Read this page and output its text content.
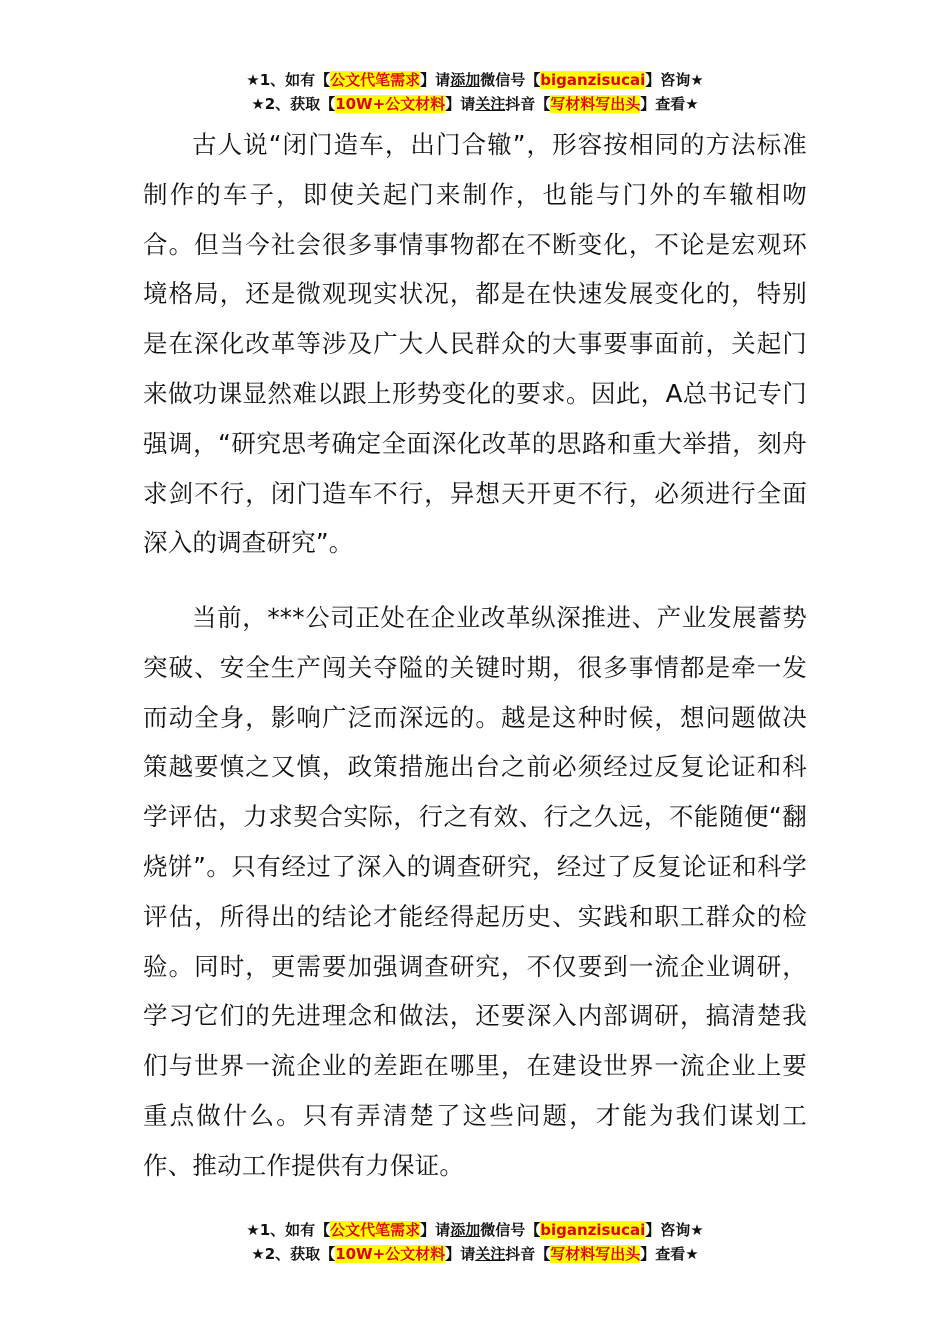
★1、如有【公文代笔需求】请添加微信号【biganzisucai】咨询★
★2、获取【10W+公文材料】请关注抖音【写材料写出头】查看★

古人说“闭门造车，出门合辙”，形容按相同的方法标准制作的车子，即使关起门来制作，也能与门外的车辙相吻合。但当今社会很多事情事物都在不断变化，不论是宏观环境格局，还是微观现实状况，都是在快速发展变化的，特别是在深化改革等涉及广大人民群众的大事要事面前，关起门来做功课显然难以跟上形势变化的要求。因此，A总书记专门强调，“研究思考确定全面深化改革的思路和重大举措，刻舟求剑不行，闭门造车不行，异想天开更不行，必须进行全面深入的调查研究”。

当前，***公司正处在企业改革纵深推进、产业发展蓄势突破、安全生产闯关夺隘的关键时期，很多事情都是牵一发而动全身，影响广泛而深远的。越是这种时候，想问题做决策越要慎之又慎，政策措施出台之前必须经过反复论证和科学评估，力求契合实际，行之有效、行之久远，不能随便“翻烧饼”。只有经过了深入的调查研究，经过了反复论证和科学评估，所得出的结论才能经得起历史、实践和职工群众的检验。同时，更需要加强调查研究，不仅要到一流企业调研，学习它们的先进理念和做法，还要深入内部调研，搞清楚我们与世界一流企业的差距在哪里，在建设世界一流企业上要重点做什么。只有弄清楚了这些问题，才能为我们谋划工作、推动工作提供有力保证。

★1、如有【公文代笔需求】请添加微信号【biganzisucai】咨询★
★2、获取【10W+公文材料】请关注抖音【写材料写出头】查看★
